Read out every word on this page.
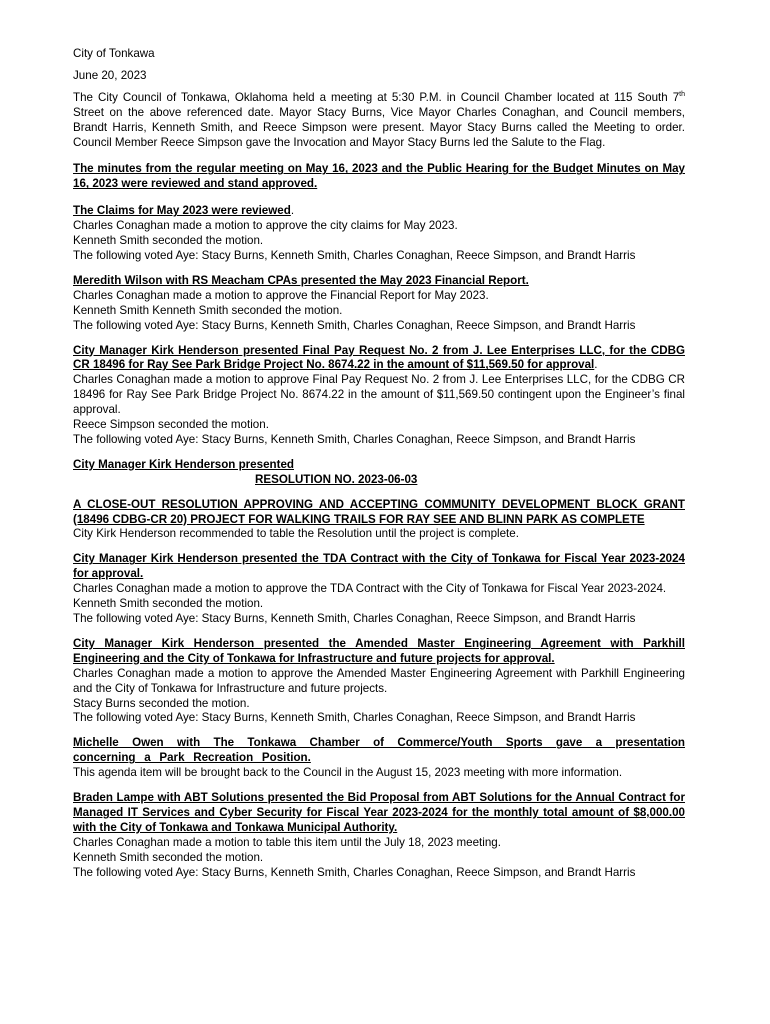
City of Tonkawa

June 20, 2023

The City Council of Tonkawa, Oklahoma held a meeting at 5:30 P.M. in Council Chamber located at 115 South 7th Street on the above referenced date. Mayor Stacy Burns, Vice Mayor Charles Conaghan, and Council members, Brandt Harris, Kenneth Smith, and Reece Simpson were present. Mayor Stacy Burns called the Meeting to order. Council Member Reece Simpson gave the Invocation and Mayor Stacy Burns led the Salute to the Flag.

The minutes from the regular meeting on May 16, 2023 and the Public Hearing for the Budget Minutes on May 16, 2023 were reviewed and stand approved.

The Claims for May 2023 were reviewed.

Charles Conaghan made a motion to approve the city claims for May 2023.

Kenneth Smith seconded the motion.

The following voted Aye: Stacy Burns, Kenneth Smith, Charles Conaghan, Reece Simpson, and Brandt Harris

Meredith Wilson with RS Meacham CPAs presented the May 2023 Financial Report.

Charles Conaghan made a motion to approve the Financial Report for May 2023.

Kenneth Smith Kenneth Smith seconded the motion.

The following voted Aye: Stacy Burns, Kenneth Smith, Charles Conaghan, Reece Simpson, and Brandt Harris

City Manager Kirk Henderson presented Final Pay Request No. 2 from J. Lee Enterprises LLC, for the CDBG CR 18496 for Ray See Park Bridge Project No. 8674.22 in the amount of $11,569.50 for approval.

Charles Conaghan made a motion to approve Final Pay Request No. 2 from J. Lee Enterprises LLC, for the CDBG CR 18496 for Ray See Park Bridge Project No. 8674.22 in the amount of $11,569.50 contingent upon the Engineer’s final approval.

Reece Simpson seconded the motion.

The following voted Aye: Stacy Burns, Kenneth Smith, Charles Conaghan, Reece Simpson, and Brandt Harris

City Manager Kirk Henderson presented

RESOLUTION NO. 2023-06-03

A CLOSE-OUT RESOLUTION APPROVING AND ACCEPTING COMMUNITY DEVELOPMENT BLOCK GRANT (18496 CDBG-CR 20) PROJECT FOR WALKING TRAILS FOR RAY SEE AND BLINN PARK AS COMPLETE

City Kirk Henderson recommended to table the Resolution until the project is complete.

City Manager Kirk Henderson presented the TDA Contract with the City of Tonkawa for Fiscal Year 2023-2024 for approval.

Charles Conaghan made a motion to approve the TDA Contract with the City of Tonkawa for Fiscal Year 2023-2024.

Kenneth Smith seconded the motion.

The following voted Aye: Stacy Burns, Kenneth Smith, Charles Conaghan, Reece Simpson, and Brandt Harris

City Manager Kirk Henderson presented the Amended Master Engineering Agreement with Parkhill Engineering and the City of Tonkawa for Infrastructure and future projects for approval.

Charles Conaghan made a motion to approve the Amended Master Engineering Agreement with Parkhill Engineering and the City of Tonkawa for Infrastructure and future projects.

Stacy Burns seconded the motion.

The following voted Aye: Stacy Burns, Kenneth Smith, Charles Conaghan, Reece Simpson, and Brandt Harris

Michelle Owen with The Tonkawa Chamber of Commerce/Youth Sports gave a presentation concerning a Park Recreation Position.

This agenda item will be brought back to the Council in the August 15, 2023 meeting with more information.

Braden Lampe with ABT Solutions presented the Bid Proposal from ABT Solutions for the Annual Contract for Managed IT Services and Cyber Security for Fiscal Year 2023-2024 for the monthly total amount of $8,000.00 with the City of Tonkawa and Tonkawa Municipal Authority.

Charles Conaghan made a motion to table this item until the July 18, 2023 meeting.

Kenneth Smith seconded the motion.

The following voted Aye: Stacy Burns, Kenneth Smith, Charles Conaghan, Reece Simpson, and Brandt Harris
